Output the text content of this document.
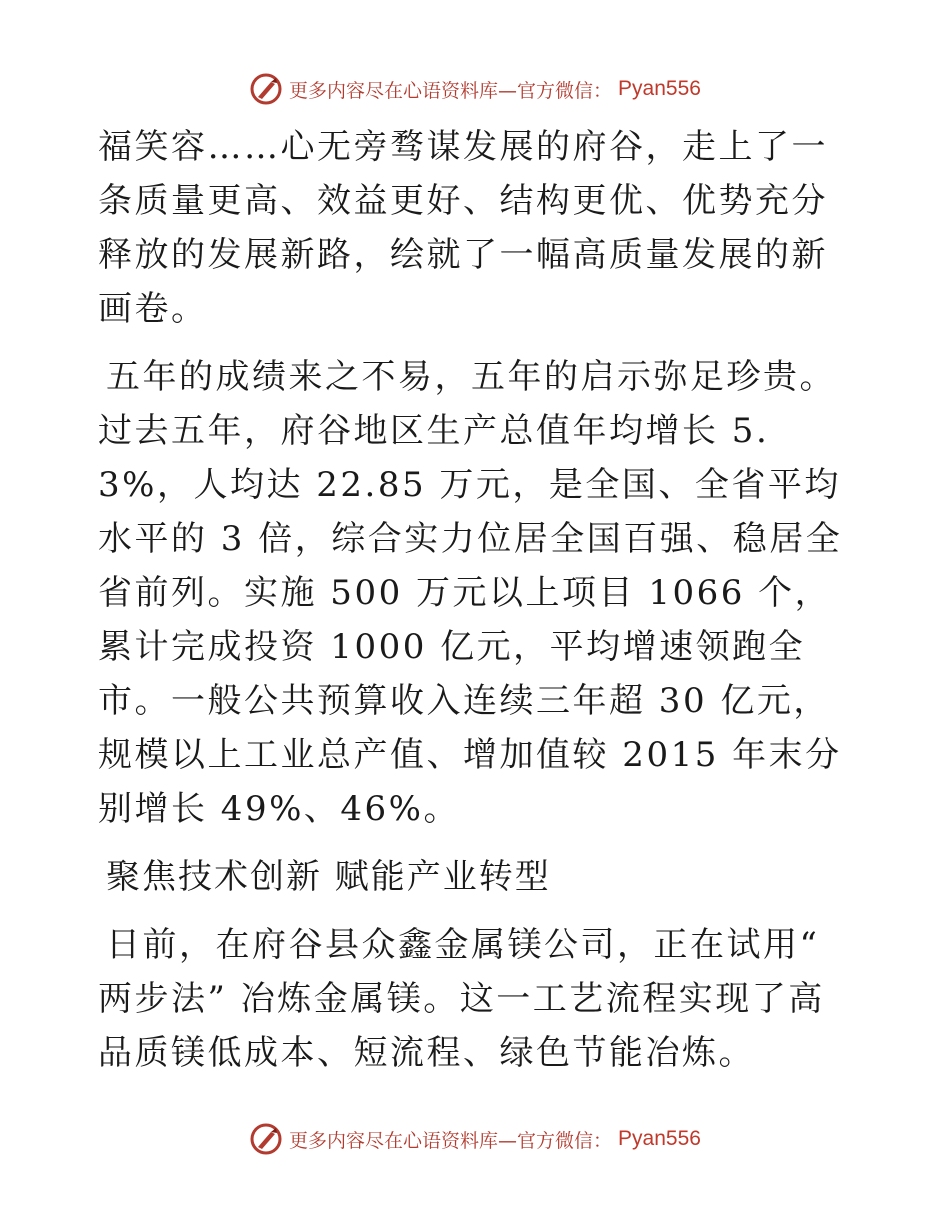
更多内容尽在心语资料库—官方微信： Pyan556

福笑容……心无旁骛谋发展的府谷，走上了一条质量更高、效益更好、结构更优、优势充分释放的发展新路，绘就了一幅高质量发展的新画卷。

五年的成绩来之不易，五年的启示弥足珍贵。过去五年，府谷地区生产总值年均增长 5.3%，人均达 22.85 万元，是全国、全省平均水平的 3 倍，综合实力位居全国百强、稳居全省前列。实施 500 万元以上项目 1066 个，累计完成投资 1000 亿元，平均增速领跑全市。一般公共预算收入连续三年超 30 亿元，规模以上工业总产值、增加值较 2015 年末分别增长 49%、46%。

聚焦技术创新 赋能产业转型

日前，在府谷县众鑫金属镁公司，正在试用“ 两步法” 冶炼金属镁。这一工艺流程实现了高品质镁低成本、短流程、绿色节能冶炼。

更多内容尽在心语资料库—官方微信： Pyan556
